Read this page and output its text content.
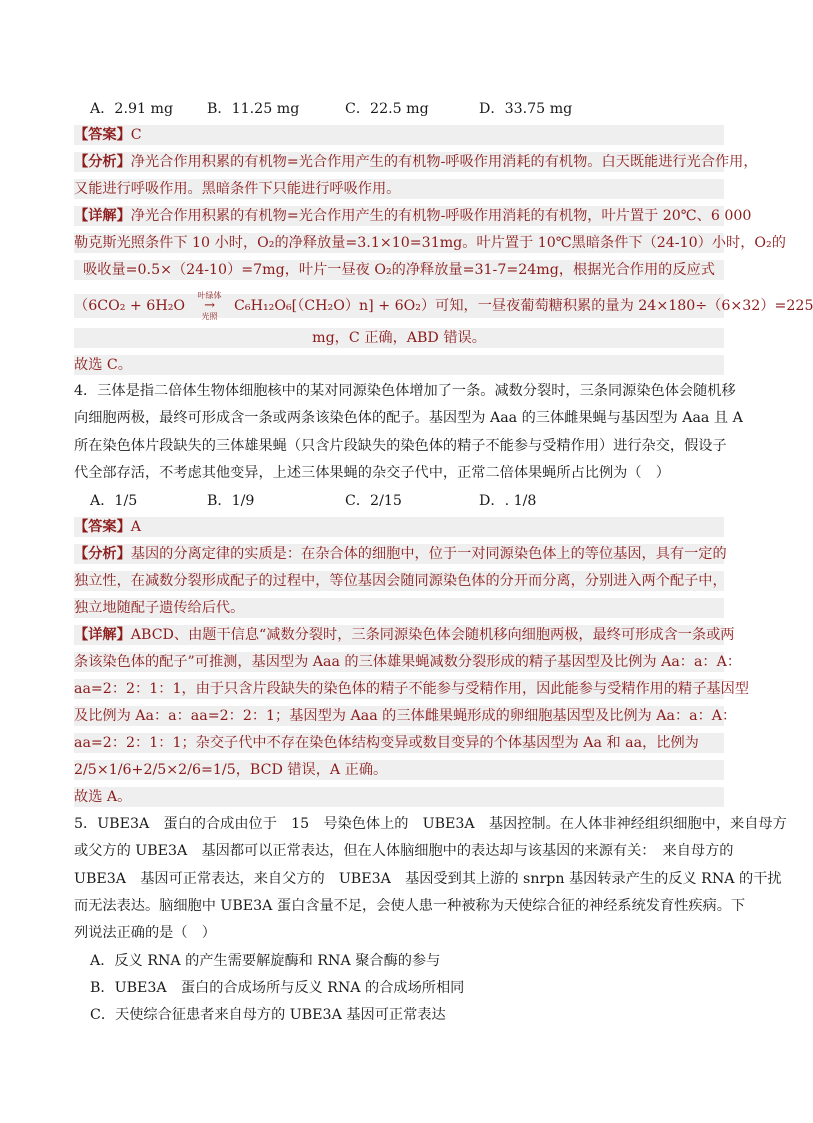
A．2.91 mg B．11.25 mg	C．22.5 mg	D．33.75 mg
【答案】C
【分析】净光合作用积累的有机物=光合作用产生的有机物-呼吸作用消耗的有机物。白天既能进行光合作用，
又能进行呼吸作用。黑暗条件下只能进行呼吸作用。
【详解】净光合作用积累的有机物=光合作用产生的有机物-呼吸作用消耗的有机物，叶片置于 20℃、6 000
勒克斯光照条件下 10 小时，O₂的净释放量=3.1×10=31mg。叶片置于 10℃黑暗条件下（24-10）小时，O₂的
吸收量=0.5×（24-10）=7mg，叶片一昼夜 O₂的净释放量=31-7=24mg，根据光合作用的反应式
（6CO₂ + 6H₂O
叶绿体
→
光照
C₆H₁₂O₆[（CH₂O）n] + 6O₂）可知，一昼夜葡萄糖积累的量为 24×180÷（6×32）=225
mg，C 正确，ABD 错误。
故选 C。
4．三体是指二倍体生物体细胞核中的某对同源染色体增加了一条。减数分裂时，三条同源染色体会随机移
向细胞两极，最终可形成含一条或两条该染色体的配子。基因型为 Aaa 的三体雌果蝇与基因型为 Aaa 且 A
所在染色体片段缺失的三体雄果蝇（只含片段缺失的染色体的精子不能参与受精作用）进行杂交，假设子
代全部存活，不考虑其他变异，上述三体果蝇的杂交子代中，正常二倍体果蝇所占比例为（　）
A．1/5	B．1/9	C．2/15	D．. 1/8
【答案】A
【分析】基因的分离定律的实质是：在杂合体的细胞中，位于一对同源染色体上的等位基因，具有一定的
独立性，在减数分裂形成配子的过程中，等位基因会随同源染色体的分开而分离，分别进入两个配子中，
独立地随配子遗传给后代。
【详解】ABCD、由题干信息“减数分裂时，三条同源染色体会随机移向细胞两极，最终可形成含一条或两
条该染色体的配子”可推测，基因型为 Aaa 的三体雄果蝇减数分裂形成的精子基因型及比例为 Aa：a：A：
aa=2：2：1：1，由于只含片段缺失的染色体的精子不能参与受精作用，因此能参与受精作用的精子基因型
及比例为 Aa：a：aa=2：2：1；基因型为 Aaa 的三体雌果蝇形成的卵细胞基因型及比例为 Aa：a：A：
aa=2：2：1：1；杂交子代中不存在染色体结构变异或数目变异的个体基因型为 Aa 和 aa，比例为
2/5×1/6+2/5×2/6=1/5，BCD 错误，A 正确。
故选 A。
5．UBE3A　蛋白的合成由位于　15　号染色体上的　UBE3A　基因控制。在人体非神经组织细胞中，来自母方
或父方的 UBE3A　基因都可以正常表达，但在人体脑细胞中的表达却与该基因的来源有关：　来自母方的
UBE3A　基因可正常表达，来自父方的　UBE3A　基因受到其上游的 snrpn 基因转录产生的反义 RNA 的干扰
而无法表达。脑细胞中 UBE3A 蛋白含量不足，会使人患一种被称为天使综合征的神经系统发育性疾病。下
列说法正确的是（　）
A．反义 RNA 的产生需要解旋酶和 RNA 聚合酶的参与
B．UBE3A　蛋白的合成场所与反义 RNA 的合成场所相同
C．天使综合征患者来自母方的 UBE3A 基因可正常表达
